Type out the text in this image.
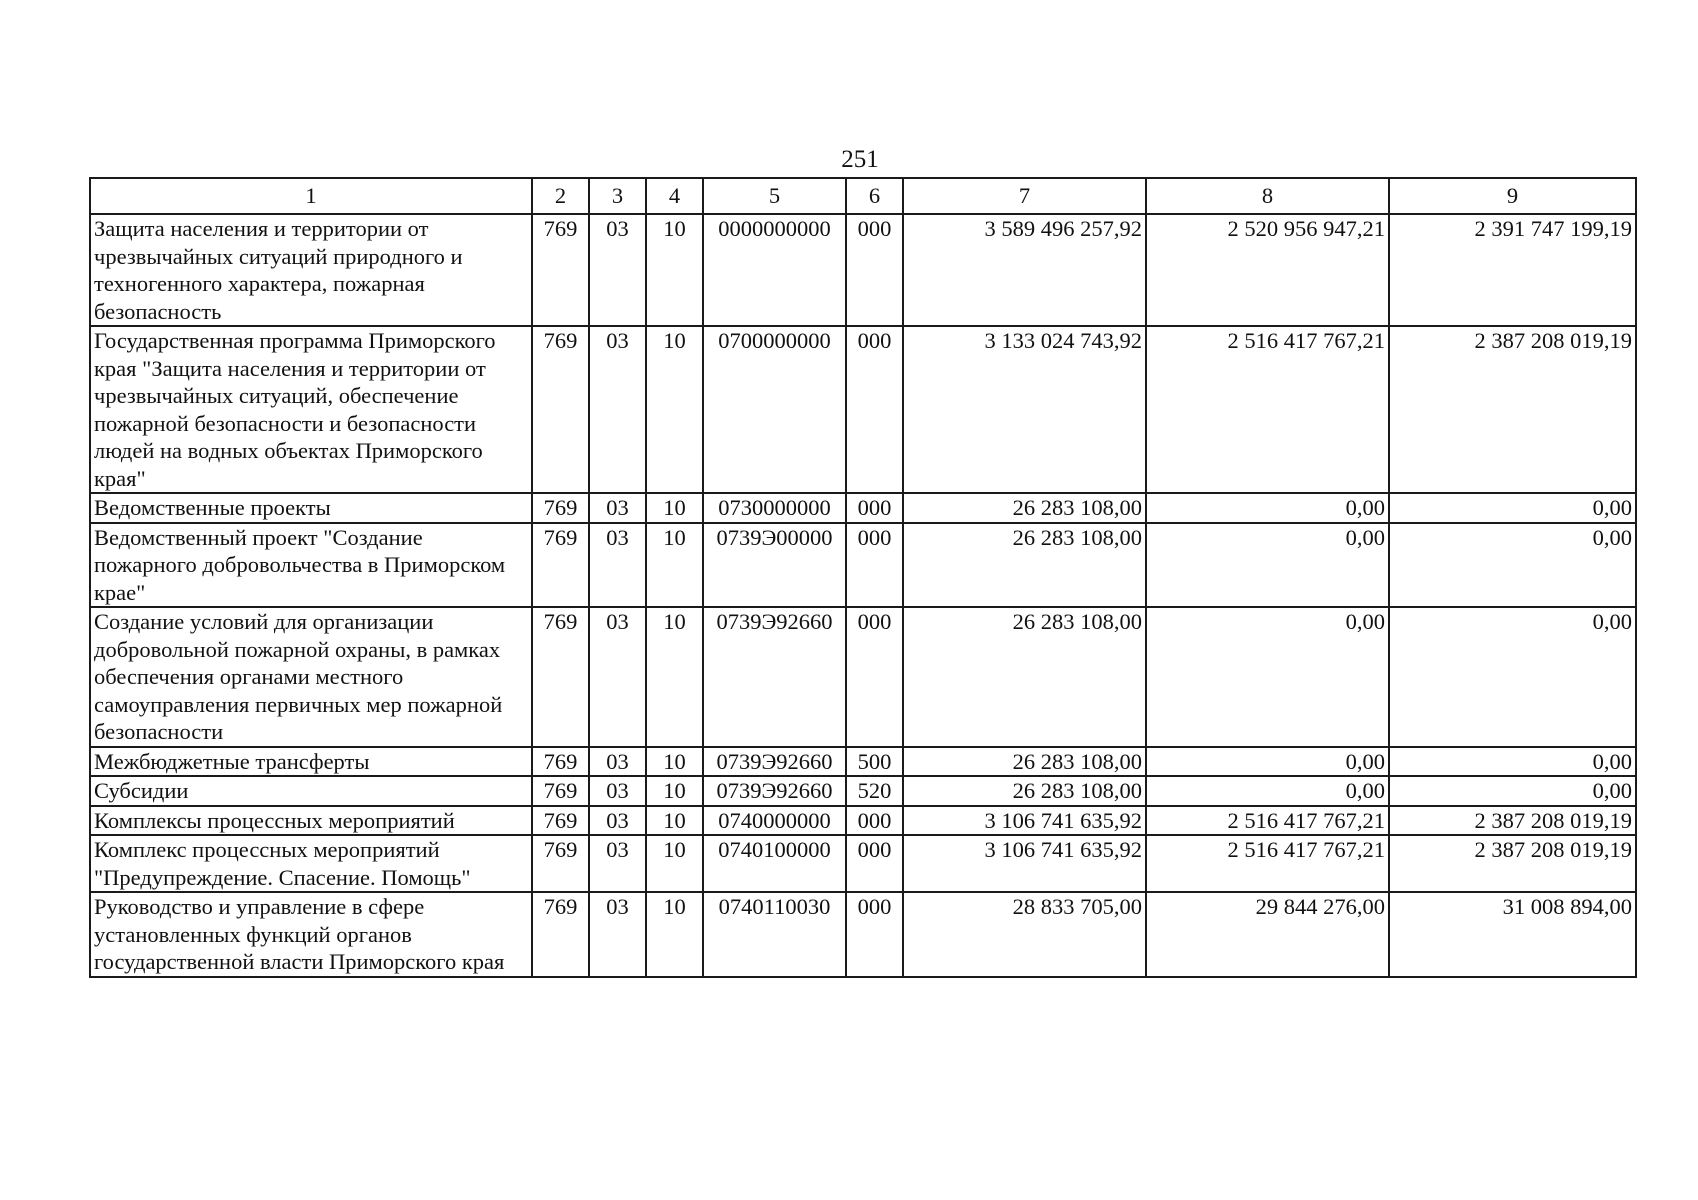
251
1	2	3	4	5	6	7	8	9
Защита населения и территории от чрезвычайных ситуаций природного и техногенного характера, пожарная безопасность	769	03	10	0000000000	000	3 589 496 257,92	2 520 956 947,21	2 391 747 199,19
Государственная программа Приморского края "Защита населения и территории от чрезвычайных ситуаций, обеспечение пожарной безопасности и безопасности людей на водных объектах Приморского края"	769	03	10	0700000000	000	3 133 024 743,92	2 516 417 767,21	2 387 208 019,19
Ведомственные проекты	769	03	10	0730000000	000	26 283 108,00	0,00	0,00
Ведомственный проект "Создание пожарного добровольчества в Приморском крае"	769	03	10	0739Э00000	000	26 283 108,00	0,00	0,00
Создание условий для организации добровольной пожарной охраны, в рамках обеспечения органами местного самоуправления первичных мер пожарной безопасности	769	03	10	0739Э92660	000	26 283 108,00	0,00	0,00
Межбюджетные трансферты	769	03	10	0739Э92660	500	26 283 108,00	0,00	0,00
Субсидии	769	03	10	0739Э92660	520	26 283 108,00	0,00	0,00
Комплексы процессных мероприятий	769	03	10	0740000000	000	3 106 741 635,92	2 516 417 767,21	2 387 208 019,19
Комплекс процессных мероприятий "Предупреждение. Спасение. Помощь"	769	03	10	0740100000	000	3 106 741 635,92	2 516 417 767,21	2 387 208 019,19
Руководство и управление в сфере установленных функций органов государственной власти Приморского края	769	03	10	0740110030	000	28 833 705,00	29 844 276,00	31 008 894,00
